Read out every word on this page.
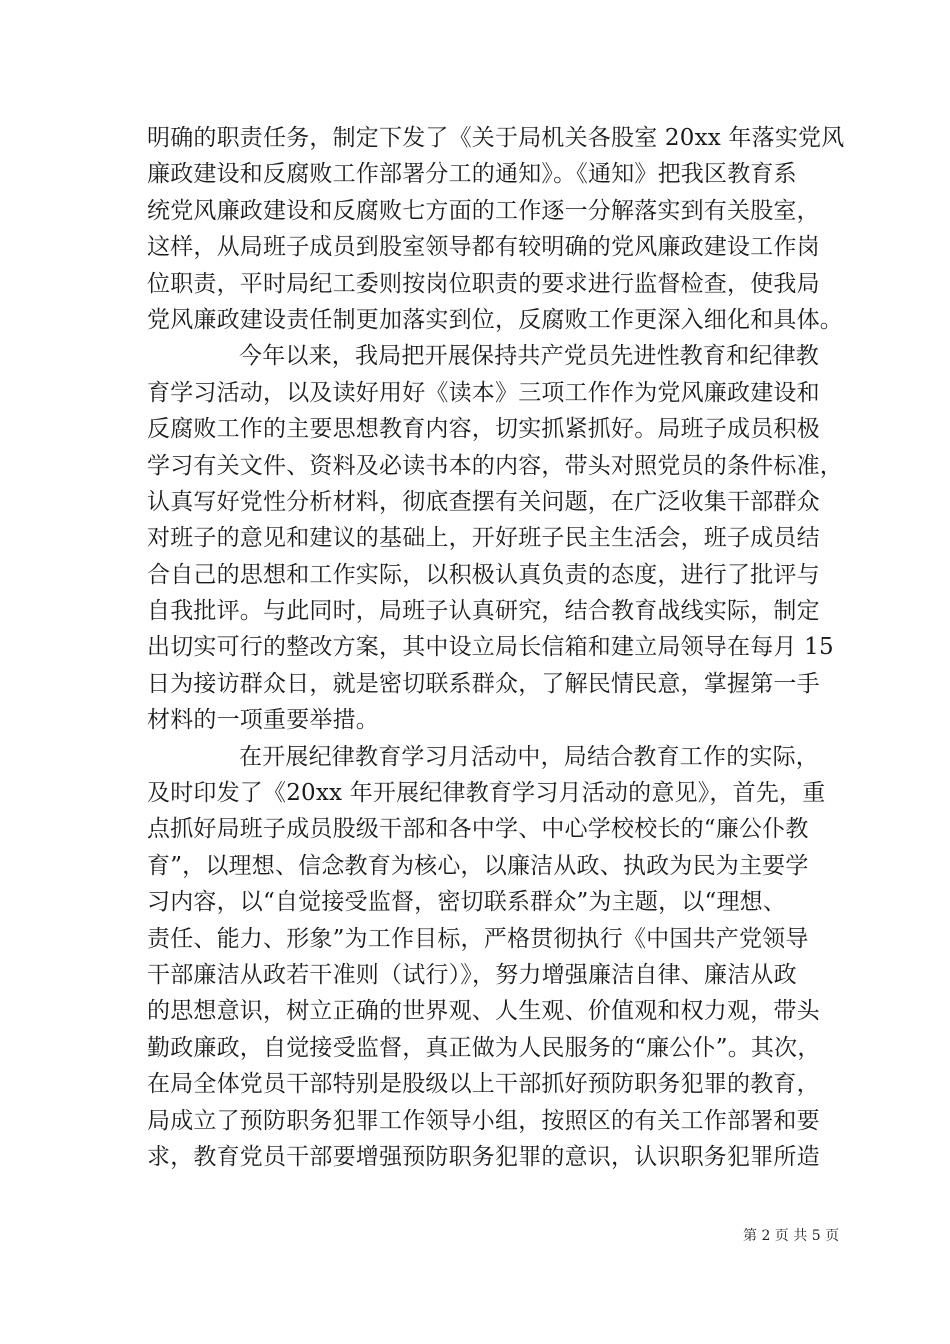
明确的职责任务，制定下发了《关于局机关各股室 20xx 年落实党风
廉政建设和反腐败工作部署分工的通知》。《通知》把我区教育系
统党风廉政建设和反腐败七方面的工作逐一分解落实到有关股室，
这样，从局班子成员到股室领导都有较明确的党风廉政建设工作岗
位职责，平时局纪工委则按岗位职责的要求进行监督检查，使我局
党风廉政建设责任制更加落实到位，反腐败工作更深入细化和具体。
今年以来，我局把开展保持共产党员先进性教育和纪律教
育学习活动，以及读好用好《读本》三项工作作为党风廉政建设和
反腐败工作的主要思想教育内容，切实抓紧抓好。局班子成员积极
学习有关文件、资料及必读书本的内容，带头对照党员的条件标准，
认真写好党性分析材料，彻底查摆有关问题，在广泛收集干部群众
对班子的意见和建议的基础上，开好班子民主生活会，班子成员结
合自己的思想和工作实际，以积极认真负责的态度，进行了批评与
自我批评。与此同时，局班子认真研究，结合教育战线实际，制定
出切实可行的整改方案，其中设立局长信箱和建立局领导在每月 15
日为接访群众日，就是密切联系群众，了解民情民意，掌握第一手
材料的一项重要举措。
在开展纪律教育学习月活动中，局结合教育工作的实际，
及时印发了《20xx 年开展纪律教育学习月活动的意见》，首先，重
点抓好局班子成员股级干部和各中学、中心学校校长的“廉公仆教
育”，以理想、信念教育为核心，以廉洁从政、执政为民为主要学
习内容，以“自觉接受监督，密切联系群众”为主题，以“理想、
责任、能力、形象”为工作目标，严格贯彻执行《中国共产党领导
干部廉洁从政若干准则（试行）》，努力增强廉洁自律、廉洁从政
的思想意识，树立正确的世界观、人生观、价值观和权力观，带头
勤政廉政，自觉接受监督，真正做为人民服务的“廉公仆”。其次，
在局全体党员干部特别是股级以上干部抓好预防职务犯罪的教育，
局成立了预防职务犯罪工作领导小组，按照区的有关工作部署和要
求，教育党员干部要增强预防职务犯罪的意识，认识职务犯罪所造
第 2 页 共 5 页
